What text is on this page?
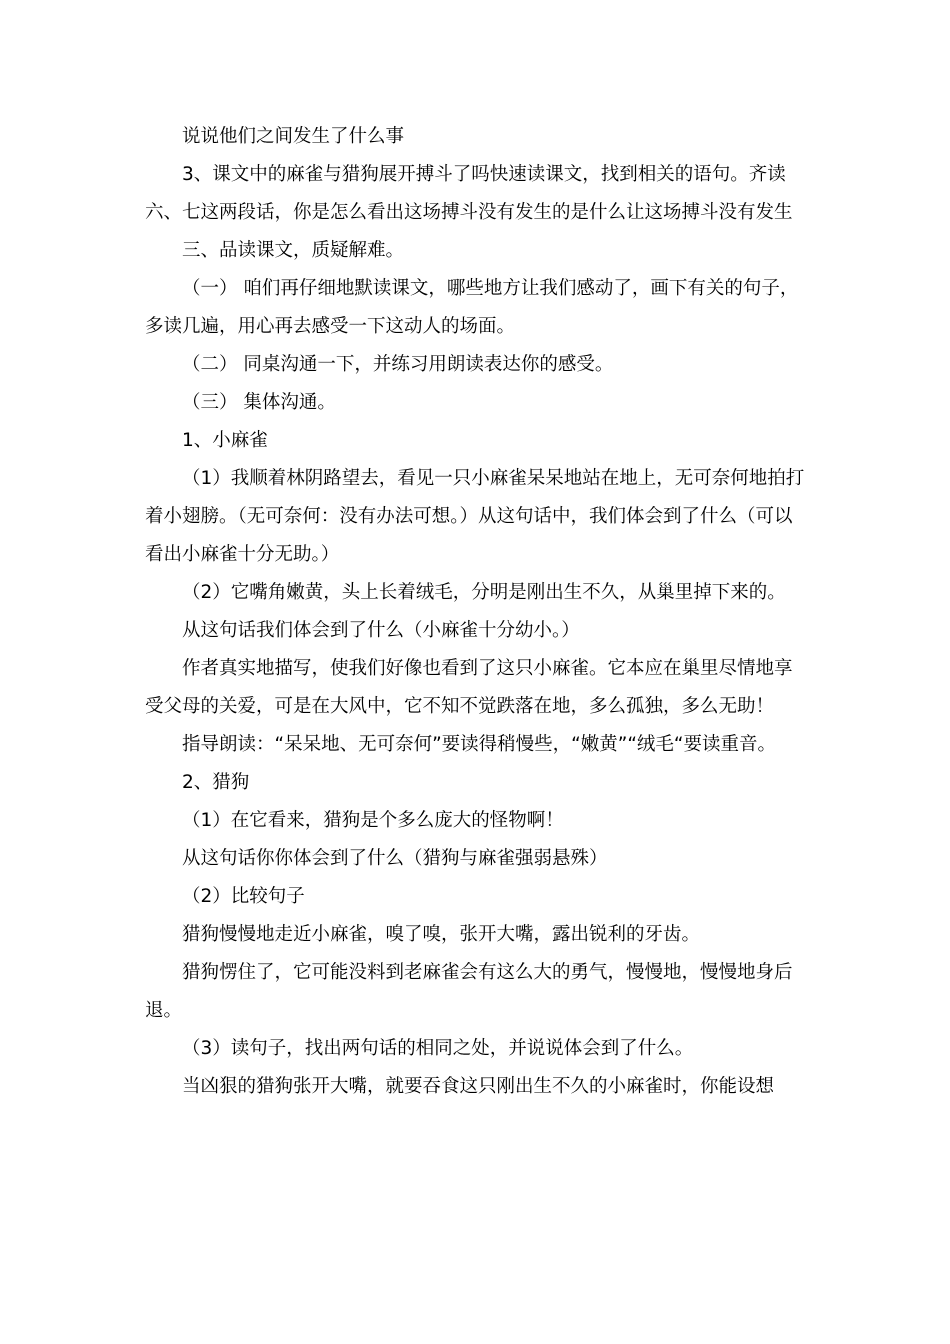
说说他们之间发生了什么事

3、课文中的麻雀与猎狗展开搏斗了吗快速读课文，找到相关的语句。齐读六、七这两段话，你是怎么看出这场搏斗没有发生的是什么让这场搏斗没有发生

三、品读课文，质疑解难。

（一） 咱们再仔细地默读课文，哪些地方让我们感动了，画下有关的句子，多读几遍，用心再去感受一下这动人的场面。

（二） 同桌沟通一下，并练习用朗读表达你的感受。

（三） 集体沟通。

1、小麻雀

（1）我顺着林阴路望去，看见一只小麻雀呆呆地站在地上，无可奈何地拍打着小翅膀。（无可奈何：没有办法可想。）从这句话中，我们体会到了什么（可以看出小麻雀十分无助。）

（2）它嘴角嫩黄，头上长着绒毛，分明是刚出生不久，从巢里掉下来的。

从这句话我们体会到了什么（小麻雀十分幼小。）

作者真实地描写，使我们好像也看到了这只小麻雀。它本应在巢里尽情地享受父母的关爱，可是在大风中，它不知不觉跌落在地，多么孤独，多么无助！

指导朗读：“呆呆地、无可奈何”要读得稍慢些，“嫩黄”“绒毛“要读重音。

2、猎狗

（1）在它看来，猎狗是个多么庞大的怪物啊！

从这句话你你体会到了什么（猎狗与麻雀强弱悬殊）

（2）比较句子

猎狗慢慢地走近小麻雀，嗅了嗅，张开大嘴，露出锐利的牙齿。

猎狗愣住了，它可能没料到老麻雀会有这么大的勇气，慢慢地，慢慢地身后退。

（3）读句子，找出两句话的相同之处，并说说体会到了什么。

当凶狠的猎狗张开大嘴，就要吞食这只刚出生不久的小麻雀时，你能设想
